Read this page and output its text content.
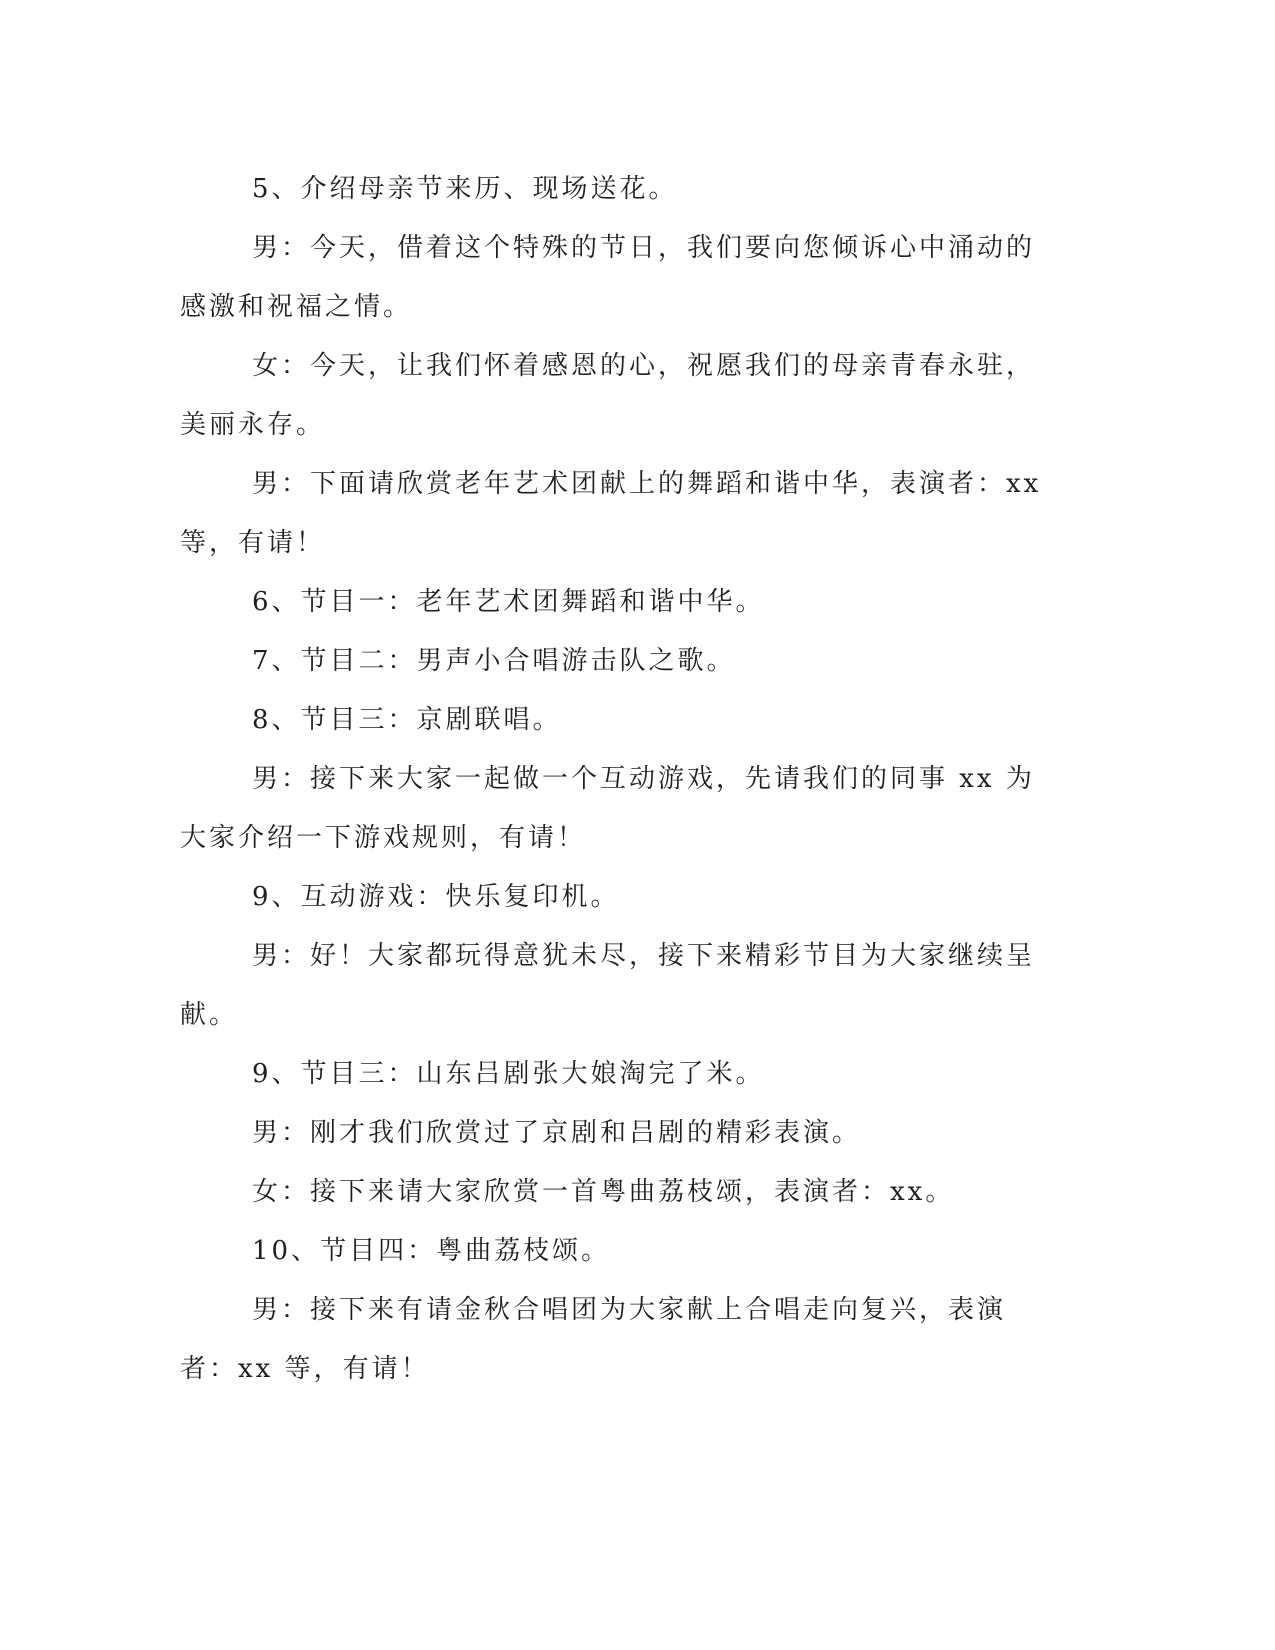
5、介绍母亲节来历、现场送花。

男：今天，借着这个特殊的节日，我们要向您倾诉心中涌动的感激和祝福之情。

女：今天，让我们怀着感恩的心，祝愿我们的母亲青春永驻，美丽永存。

男：下面请欣赏老年艺术团献上的舞蹈和谐中华，表演者：xx 等，有请！

6、节目一：老年艺术团舞蹈和谐中华。

7、节目二：男声小合唱游击队之歌。

8、节目三：京剧联唱。

男：接下来大家一起做一个互动游戏，先请我们的同事 xx 为大家介绍一下游戏规则，有请！

9、互动游戏：快乐复印机。

男：好！大家都玩得意犹未尽，接下来精彩节目为大家继续呈献。

9、节目三：山东吕剧张大娘淘完了米。

男：刚才我们欣赏过了京剧和吕剧的精彩表演。

女：接下来请大家欣赏一首粤曲荔枝颂，表演者：xx。

10、节目四：粤曲荔枝颂。

男：接下来有请金秋合唱团为大家献上合唱走向复兴，表演者：xx 等，有请！
